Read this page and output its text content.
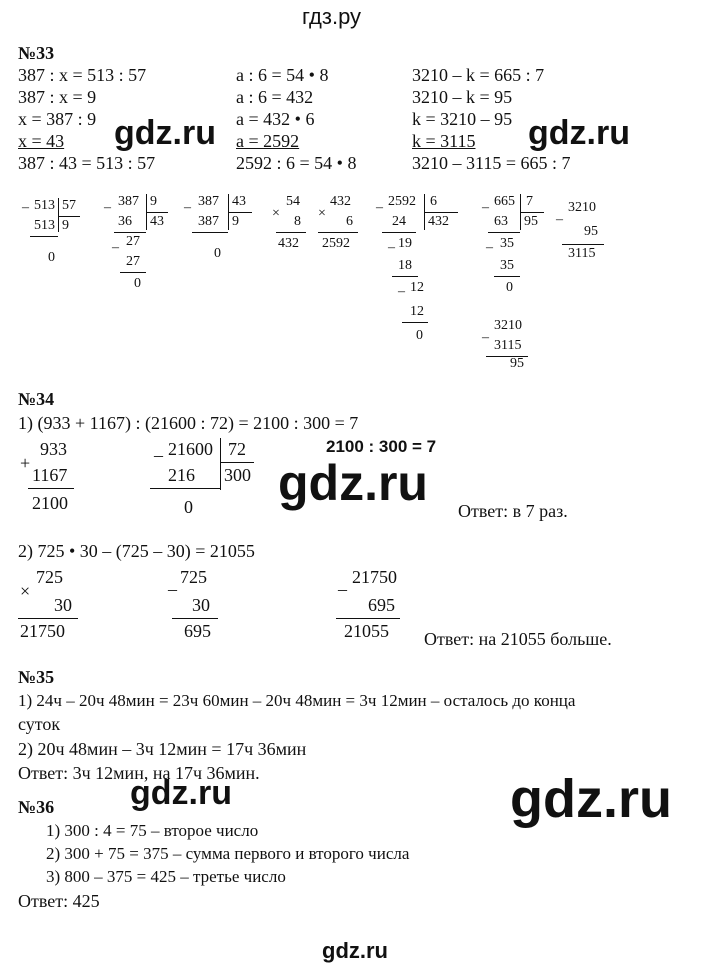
гдз.ру
№33
387 : x = 513 : 57
387 : x = 9
x = 387 : 9
x = 43
387 : 43 = 513 : 57
a : 6 = 54 • 8
a : 6 = 432
a = 432 • 6
a = 2592
2592 : 6 = 54 • 8
3210 – k = 665 : 7
3210 – k = 95
k = 3210 – 95
k = 3115
3210 – 3115 = 665 : 7
gdz.ru	gdz.ru
– 513 57
513 9
0
– 387 9
43
36
– 27
27
0
– 387 43
387 9
0
×
54
8
432
×
432
6
2592
– 2592 6
432
24
– 19
18
– 12
12
0
– 665 7
95
63
– 35
35
0
–
3210
95
3115
–
3210
3115
95
№34
1) (933 + 1167) : (21600 : 72) = 2100 : 300 = 7
+
933
1167
2100
– 21600 72
216 300
0
2100 : 300 = 7
gdz.ru Ответ: в 7 раз.
2) 725 • 30 – (725 – 30) = 21055
×
725
30
21750
–
725
30
695
–
21750
695
21055 Ответ: на 21055 больше.
№35
1) 24ч – 20ч 48мин = 23ч 60мин – 20ч 48мин = 3ч 12мин – осталось до конца
суток
2) 20ч 48мин – 3ч 12мин = 17ч 36мин
Ответ: 3ч 12мин, на 17ч 36мин.
gdz.ru	gdz.ru
№36
1) 300 : 4 = 75 – второе число
2) 300 + 75 = 375 – сумма первого и второго числа
3) 800 – 375 = 425 – третье число
Ответ: 425
gdz.ru
